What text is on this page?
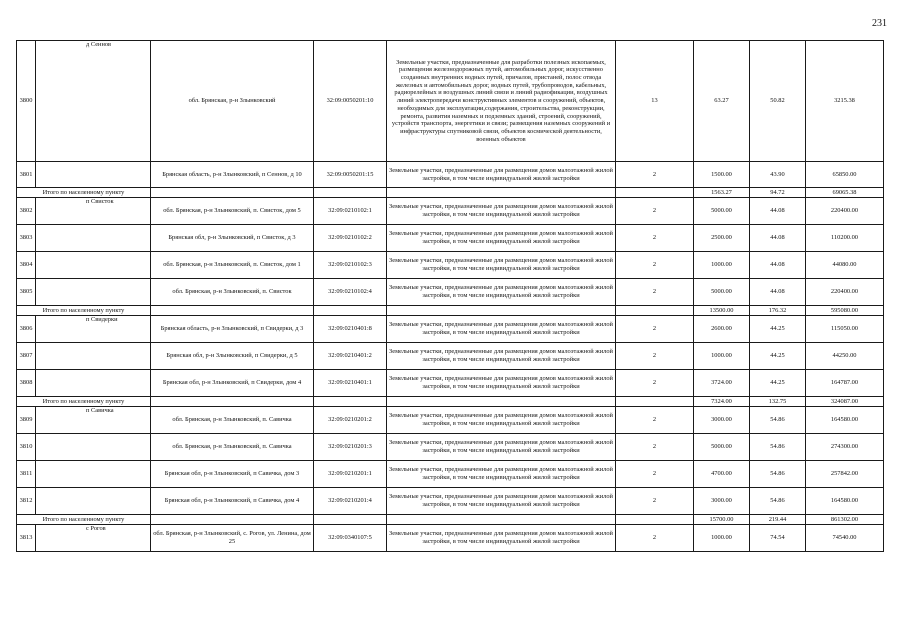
231
3800	д Сеннов	обл. Брянская, р-н Злынковский	32:09:0050201:10	Земельные участки, предназначенные для разработки полезных ископаемых, размещения железнодорожных путей, автомобильных дорог, искусственно созданных внутренних водных путей, причалов, пристаней, полос отвода железных и автомобильных дорог, водных путей, трубопроводов, кабельных, радиорелейных и воздушных линий связи и линий радиофикации, воздушных линий электропередачи конструктивных элементов и сооружений, объектов, необходимых для эксплуатации,содержания, строительства, реконструкции, ремонта, развития наземных и подземных зданий, строений, сооружений, устройств транспорта, энергетики и связи; размещения наземных сооружений и инфраструктуры спутниковой связи, объектов космической деятельности, военных объектов	13	63.27	50.82	3215.38
3801		Брянская область, р-н Злынковский, п Сеннов, д 10	32:09:0050201:15	Земельные участки, предназначенные для размещения домов малоэтажной жилой застройки, в том числе индивидуальной жилой застройки	2	1500.00	43.90	65850.00
Итого по населенному пункту						1563.27	94.72	69065.38
3802	п Свисток	обл. Брянская, р-н Злынковский, п. Свисток, дом 5	32:09:0210102:1	Земельные участки, предназначенные для размещения домов малоэтажной жилой застройки, в том числе индивидуальной жилой застройки	2	5000.00	44.08	220400.00
3803		Брянская обл, р-н Злынковский, п Свисток, д 3	32:09:0210102:2	Земельные участки, предназначенные для размещения домов малоэтажной жилой застройки, в том числе индивидуальной жилой застройки	2	2500.00	44.08	110200.00
3804		обл. Брянская, р-н Злынковский, п. Свисток, дом 1	32:09:0210102:3	Земельные участки, предназначенные для размещения домов малоэтажной жилой застройки, в том числе индивидуальной жилой застройки	2	1000.00	44.08	44080.00
3805		обл. Брянская, р-н Злынковский, п. Свисток	32:09:0210102:4	Земельные участки, предназначенные для размещения домов малоэтажной жилой застройки, в том числе индивидуальной жилой застройки	2	5000.00	44.08	220400.00
Итого по населенному пункту						13500.00	176.32	595080.00
3806	п Свидерки	Брянская область, р-н Злынковский, п Свидерки, д 3	32:09:0210401:8	Земельные участки, предназначенные для размещения домов малоэтажной жилой застройки, в том числе индивидуальной жилой застройки	2	2600.00	44.25	115050.00
3807		Брянская обл, р-н Злынковский, п Свидерки, д 5	32:09:0210401:2	Земельные участки, предназначенные для размещения домов малоэтажной жилой застройки, в том числе индивидуальной жилой застройки	2	1000.00	44.25	44250.00
3808		Брянская обл, р-н Злынковский, п Свидерки, дом 4	32:09:0210401:1	Земельные участки, предназначенные для размещения домов малоэтажной жилой застройки, в том числе индивидуальной жилой застройки	2	3724.00	44.25	164787.00
Итого по населенному пункту						7324.00	132.75	324087.00
3809	п Савичка	обл. Брянская, р-н Злынковский, п. Савичка	32:09:0210201:2	Земельные участки, предназначенные для размещения домов малоэтажной жилой застройки, в том числе индивидуальной жилой застройки	2	3000.00	54.86	164580.00
3810		обл. Брянская, р-н Злынковский, п. Савичка	32:09:0210201:3	Земельные участки, предназначенные для размещения домов малоэтажной жилой застройки, в том числе индивидуальной жилой застройки	2	5000.00	54.86	274300.00
3811		Брянская обл, р-н Злынковский, п Савичка, дом 3	32:09:0210201:1	Земельные участки, предназначенные для размещения домов малоэтажной жилой застройки, в том числе индивидуальной жилой застройки	2	4700.00	54.86	257842.00
3812		Брянская обл, р-н Злынковский, п Савичка, дом 4	32:09:0210201:4	Земельные участки, предназначенные для размещения домов малоэтажной жилой застройки, в том числе индивидуальной жилой застройки	2	3000.00	54.86	164580.00
Итого по населенному пункту						15700.00	219.44	861302.00
3813	с Рогов	обл. Брянская, р-н Злынковский, с. Рогов, ул. Ленина, дом 25	32:09:0340107:5	Земельные участки, предназначенные для размещения домов малоэтажной жилой застройки, в том числе индивидуальной жилой застройки	2	1000.00	74.54	74540.00
